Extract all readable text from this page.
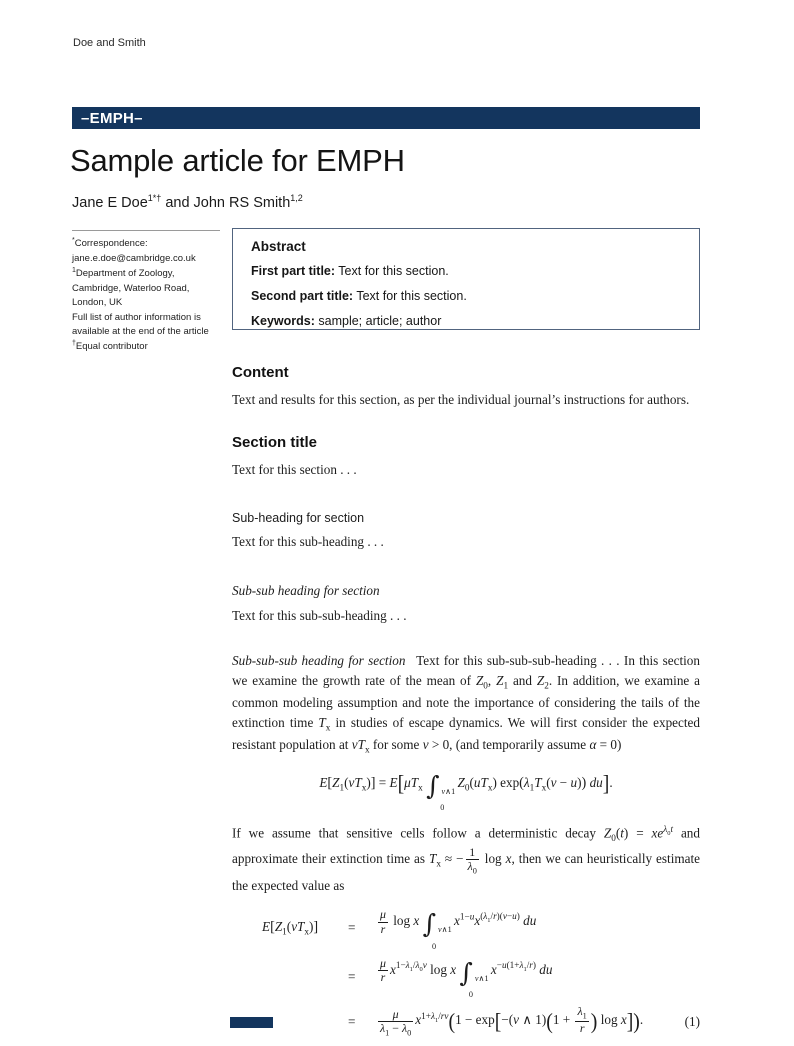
Doe and Smith
–EMPH–
Sample article for EMPH
Jane E Doe$^{1*\dagger}$ and John RS Smith$^{1,2}$
*Correspondence:
jane.e.doe@cambridge.co.uk
$^1$Department of Zoology,
Cambridge, Waterloo Road,
London, UK
Full list of author information is
available at the end of the article
†Equal contributor
Abstract
First part title: Text for this section.
Second part title: Text for this section.
Keywords: sample; article; author
Content

Text and results for this section, as per the individual journal’s instructions for authors.

Section title

Text for this section . . .

Sub-heading for section

Text for this sub-heading . . .

Sub-sub heading for section

Text for this sub-sub-heading . . .

Sub-sub-sub heading for section  Text for this sub-sub-sub-heading . . . In this section we examine the growth rate of the mean of $Z_0$, $Z_1$ and $Z_2$. In addition, we examine a common modeling assumption and note the importance of considering the tails of the extinction time $T_x$ in studies of escape dynamics. We will first consider the expected resistant population at $vT_x$ for some v > 0, (and temporarily assume α = 0)

$E[Z_1(vT_x)] = E[\mu T_x$ ∫ v∧1
0
$Z_0(uT_x) \exp(\lambda_1T_x(v - u))$ du].

If we assume that sensitive cells follow a deterministic decay $Z_0(t) = xe^{\lambda_0t}$ and approximate their extinction time as $T_x$ ≈ − $\frac{1}{\lambda_0}$ log x, then we can heuristically estimate the expected value as

$E[Z_1(vT_x)]$	=	$\frac{\mu}{r}$ log x ∫ v∧1
0
$x^{1-u}x^{(\lambda_1/r)(v-u)}$ du
=	$\frac{\mu}{r} x^{1-\lambda_1/\lambda_0v}$ log x ∫ v∧1
0
$x^{-u(1+\lambda_1/r)}$ du
=	$\frac{\mu}{\lambda_1 - \lambda_0} x^{1+\lambda_1/rv}(1 - \exp[-(v$ ∧ $1)(1 + \frac{\lambda_1}{r}$ ) log x]).	(1)
